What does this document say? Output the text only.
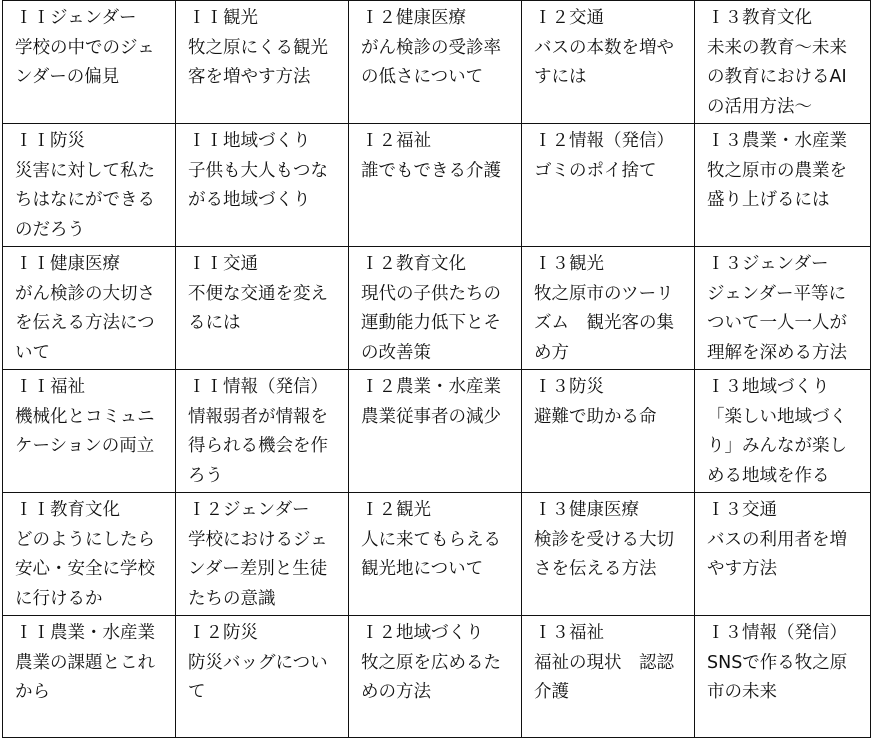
ＩＩジェンダー
学校の中でのジェ
ンダーの偏見	ＩＩ観光
牧之原にくる観光
客を増やす方法	Ｉ２健康医療
がん検診の受診率
の低さについて	Ｉ２交通
バスの本数を増や
すには	Ｉ３教育文化
未来の教育～未来
の教育におけるAI
の活用方法～

ＩＩ防災
災害に対して私た
ちはなにができる
のだろう	ＩＩ地域づくり
子供も大人もつな
がる地域づくり	Ｉ２福祉
誰でもできる介護	Ｉ２情報（発信）
ゴミのポイ捨て	Ｉ３農業・水産業
牧之原市の農業を
盛り上げるには

ＩＩ健康医療
がん検診の大切さ
を伝える方法につ
いて	ＩＩ交通
不便な交通を変え
るには	Ｉ２教育文化
現代の子供たちの
運動能力低下とそ
の改善策	Ｉ３観光
牧之原市のツーリ
ズム　観光客の集
め方	Ｉ３ジェンダー
ジェンダー平等に
ついて一人一人が
理解を深める方法

ＩＩ福祉
機械化とコミュニ
ケーションの両立	ＩＩ情報（発信）
情報弱者が情報を
得られる機会を作
ろう	Ｉ２農業・水産業
農業従事者の減少	Ｉ３防災
避難で助かる命	Ｉ３地域づくり
「楽しい地域づく
り」みんなが楽し
める地域を作る

ＩＩ教育文化
どのようにしたら
安心・安全に学校
に行けるか	Ｉ２ジェンダー
学校におけるジェ
ンダー差別と生徒
たちの意識	Ｉ２観光
人に来てもらえる
観光地について	Ｉ３健康医療
検診を受ける大切
さを伝える方法	Ｉ３交通
バスの利用者を増
やす方法

ＩＩ農業・水産業
農業の課題とこれ
から	Ｉ２防災
防災バッグについ
て	Ｉ２地域づくり
牧之原を広めるた
めの方法	Ｉ３福祉
福祉の現状　認認
介護	Ｉ３情報（発信）
SNSで作る牧之原
市の未来
